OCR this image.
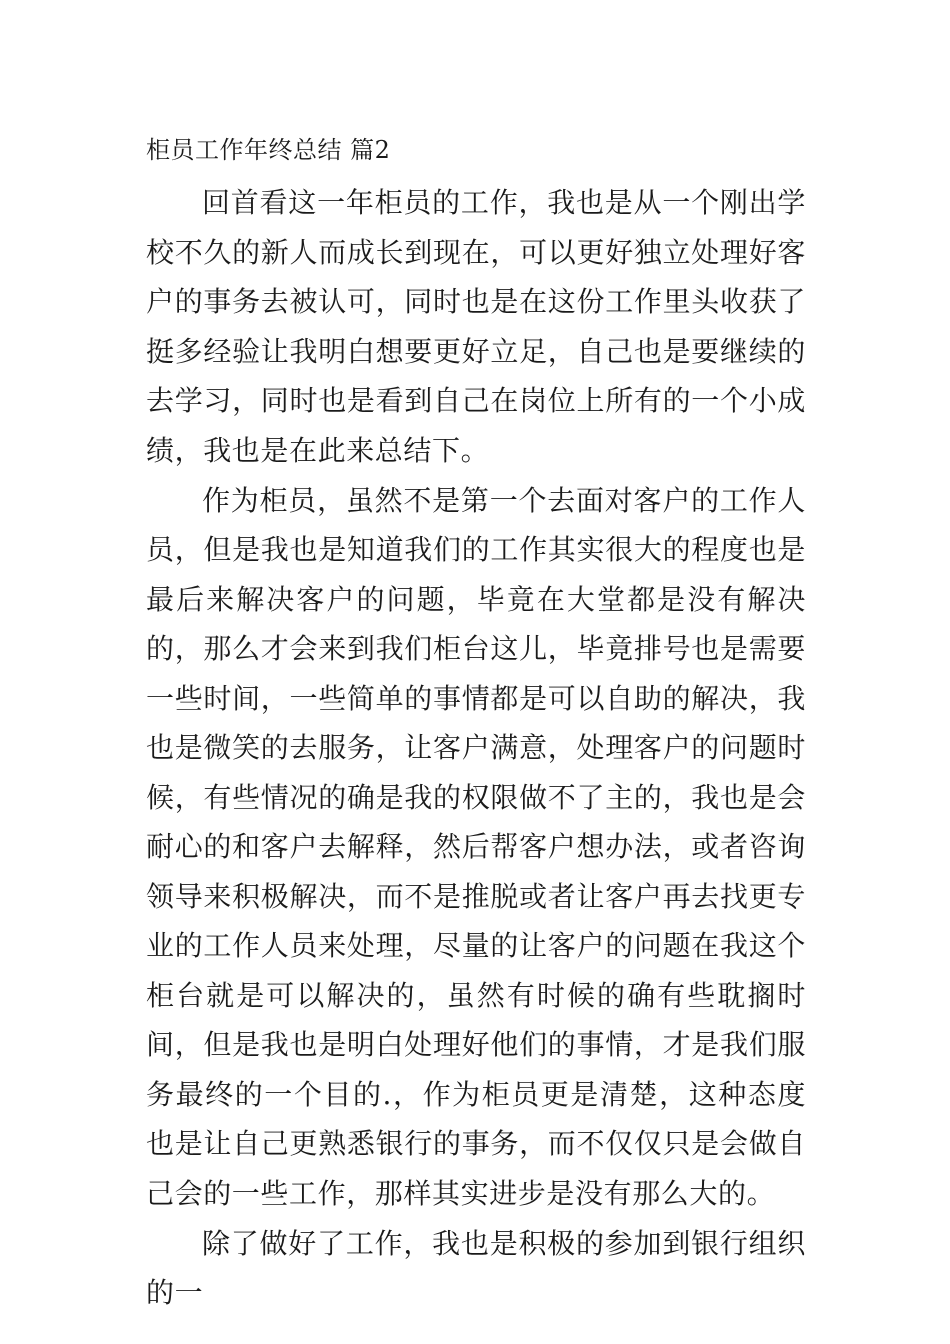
柜员工作年终总结 篇2

回首看这一年柜员的工作，我也是从一个刚出学校不久的新人而成长到现在，可以更好独立处理好客户的事务去被认可，同时也是在这份工作里头收获了挺多经验让我明白想要更好立足，自己也是要继续的去学习，同时也是看到自己在岗位上所有的一个小成绩，我也是在此来总结下。

作为柜员，虽然不是第一个去面对客户的工作人员，但是我也是知道我们的工作其实很大的程度也是最后来解决客户的问题，毕竟在大堂都是没有解决的，那么才会来到我们柜台这儿，毕竟排号也是需要一些时间，一些简单的事情都是可以自助的解决，我也是微笑的去服务，让客户满意，处理客户的问题时候，有些情况的确是我的权限做不了主的，我也是会耐心的和客户去解释，然后帮客户想办法，或者咨询领导来积极解决，而不是推脱或者让客户再去找更专业的工作人员来处理，尽量的让客户的问题在我这个柜台就是可以解决的，虽然有时候的确有些耽搁时间，但是我也是明白处理好他们的事情，才是我们服务最终的一个目的.，作为柜员更是清楚，这种态度也是让自己更熟悉银行的事务，而不仅仅只是会做自己会的一些工作，那样其实进步是没有那么大的。

除了做好了工作，我也是积极的参加到银行组织的一
